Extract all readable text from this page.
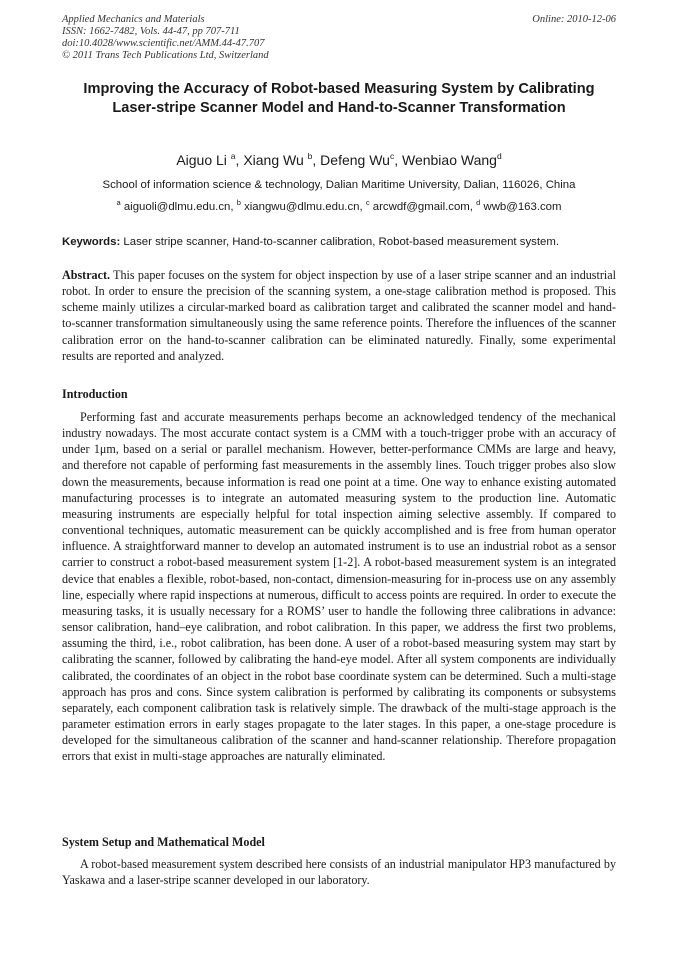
Applied Mechanics and Materials
ISSN: 1662-7482, Vols. 44-47, pp 707-711
doi:10.4028/www.scientific.net/AMM.44-47.707
© 2011 Trans Tech Publications Ltd, Switzerland
Online: 2010-12-06
Improving the Accuracy of Robot-based Measuring System by Calibrating Laser-stripe Scanner Model and Hand-to-Scanner Transformation
Aiguo Li $^a$, Xiang Wu $^b$, Defeng Wu$^c$, Wenbiao Wang$^d$
School of information science & technology, Dalian Maritime University, Dalian, 116026, China
$^a$ aiguoli@dlmu.edu.cn, $^b$ xiangwu@dlmu.edu.cn, $^c$ arcwdf@gmail.com, $^d$ wwb@163.com
Keywords: Laser stripe scanner, Hand-to-scanner calibration, Robot-based measurement system.
Abstract. This paper focuses on the system for object inspection by use of a laser stripe scanner and an industrial robot. In order to ensure the precision of the scanning system, a one-stage calibration method is proposed. This scheme mainly utilizes a circular-marked board as calibration target and calibrated the scanner model and hand-to-scanner transformation simultaneously using the same reference points. Therefore the influences of the scanner calibration error on the hand-to-scanner calibration can be eliminated naturedly. Finally, some experimental results are reported and analyzed.
Introduction
Performing fast and accurate measurements perhaps become an acknowledged tendency of the mechanical industry nowadays. The most accurate contact system is a CMM with a touch-trigger probe with an accuracy of under 1μm, based on a serial or parallel mechanism. However, better-performance CMMs are large and heavy, and therefore not capable of performing fast measurements in the assembly lines. Touch trigger probes also slow down the measurements, because information is read one point at a time. One way to enhance existing automated manufacturing processes is to integrate an automated measuring system to the production line. Automatic measuring instruments are especially helpful for total inspection aiming selective assembly. If compared to conventional techniques, automatic measurement can be quickly accomplished and is free from human operator influence. A straightforward manner to develop an automated instrument is to use an industrial robot as a sensor carrier to construct a robot-based measurement system [1-2]. A robot-based measurement system is an integrated device that enables a flexible, robot-based, non-contact, dimension-measuring for in-process use on any assembly line, especially where rapid inspections at numerous, difficult to access points are required. In order to execute the measuring tasks, it is usually necessary for a ROMS’ user to handle the following three calibrations in advance: sensor calibration, hand–eye calibration, and robot calibration. In this paper, we address the first two problems, assuming the third, i.e., robot calibration, has been done. A user of a robot-based measuring system may start by calibrating the scanner, followed by calibrating the hand-eye model. After all system components are individually calibrated, the coordinates of an object in the robot base coordinate system can be determined. Such a multi-stage approach has pros and cons. Since system calibration is performed by calibrating its components or subsystems separately, each component calibration task is relatively simple. The drawback of the multi-stage approach is the parameter estimation errors in early stages propagate to the later stages. In this paper, a one-stage procedure is developed for the simultaneous calibration of the scanner and hand-scanner relationship. Therefore propagation errors that exist in multi-stage approaches are naturally eliminated.
System Setup and Mathematical Model
A robot-based measurement system described here consists of an industrial manipulator HP3 manufactured by Yaskawa and a laser-stripe scanner developed in our laboratory.
